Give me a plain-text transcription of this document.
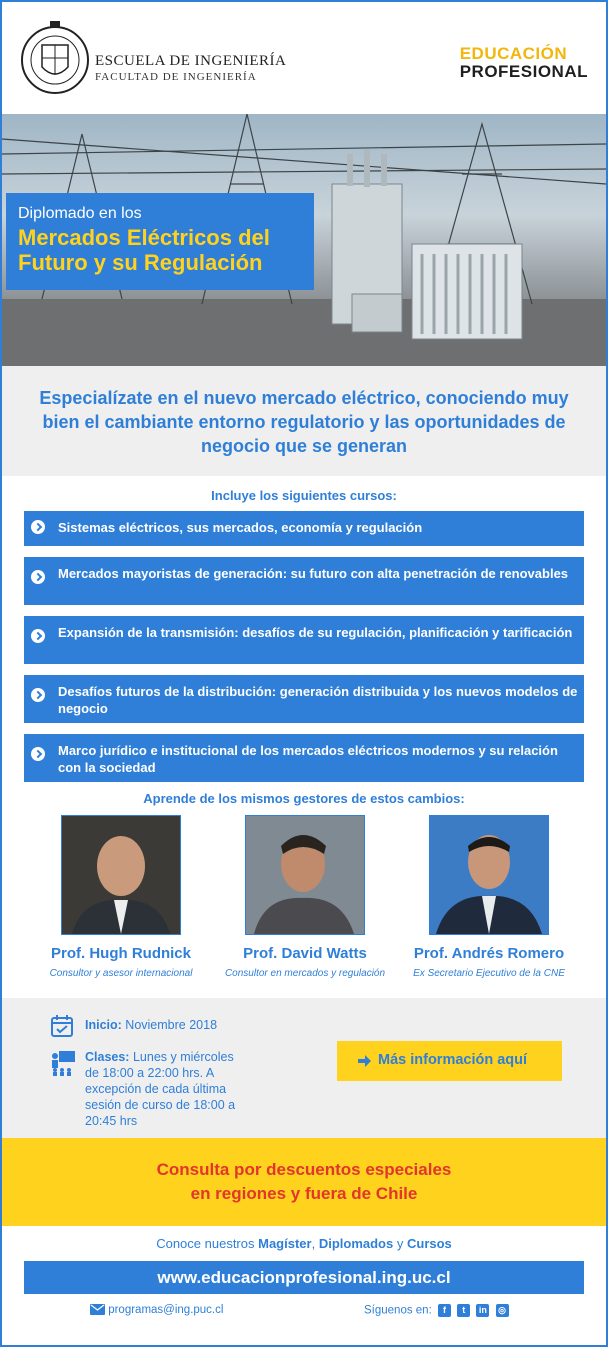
ESCUELA DE INGENIERÍA
FACULTAD DE INGENIERÍA
EDUCACIÓN
PROFESIONAL
Diplomado en los
Mercados Eléctricos del Futuro y su Regulación

Especialízate en el nuevo mercado eléctrico, conociendo muy bien el cambiante entorno regulatorio y las oportunidades de negocio que se generan

Incluye los siguientes cursos:
Sistemas eléctricos, sus mercados, economía y regulación
Mercados mayoristas de generación: su futuro con alta penetración de renovables
Expansión de la transmisión: desafíos de su regulación, planificación y tarificación
Desafíos futuros de la distribución: generación distribuida y los nuevos modelos de negocio
Marco jurídico e institucional de los mercados eléctricos modernos y su relación con la sociedad
Aprende de los mismos gestores de estos cambios:
Prof. Hugh Rudnick
Consultor y asesor internacional
Prof. David Watts
Consultor en mercados y regulación
Prof. Andrés Romero
Ex Secretario Ejecutivo de la CNE
Inicio: Noviembre 2018
Clases: Lunes y miércoles de 18:00 a 22:00 hrs. A excepción de cada última sesión de curso de 18:00 a 20:45 hrs
Más información aquí
Consulta por descuentos especiales
en regiones y fuera de Chile
Conoce nuestros Magíster, Diplomados y Cursos
www.educacionprofesional.ing.uc.cl
programas@ing.puc.cl	Síguenos en: f t in ◎
